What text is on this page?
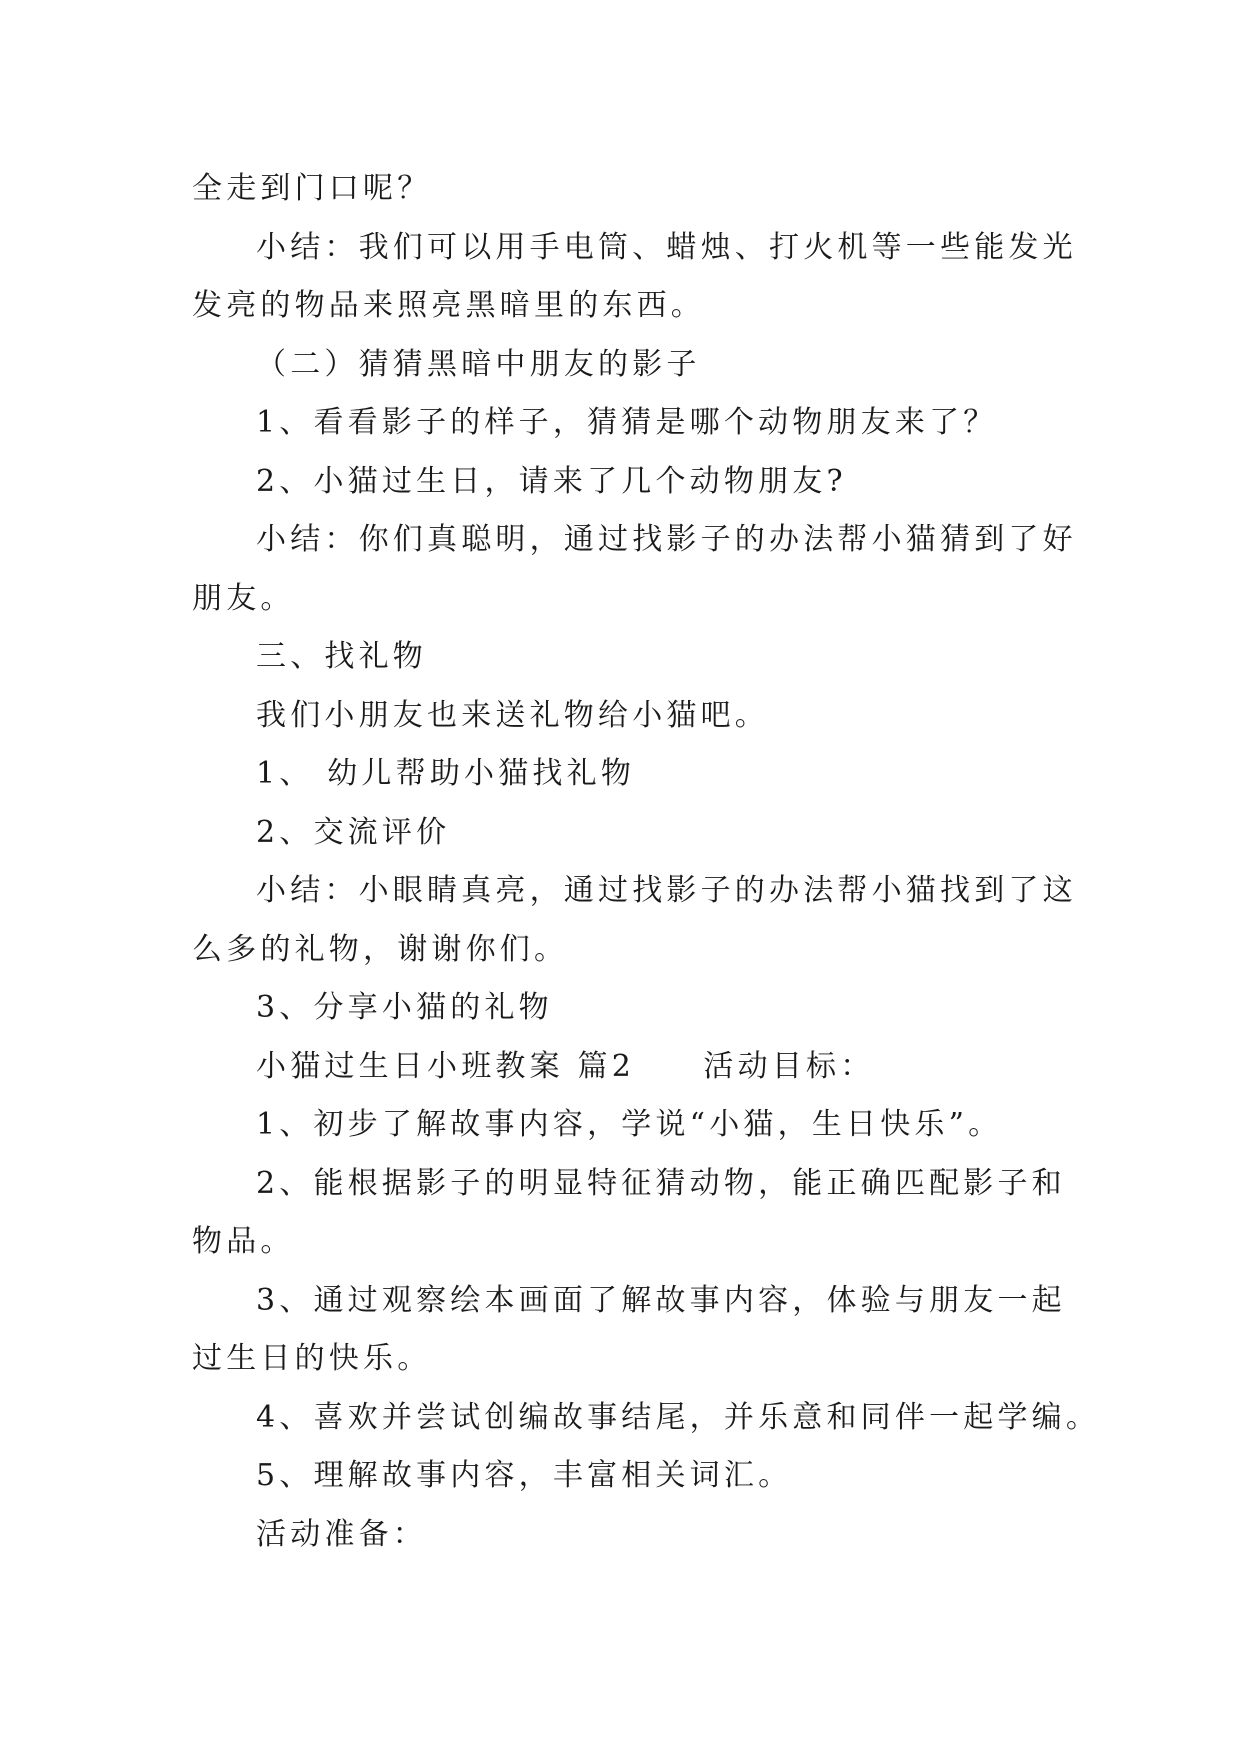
全走到门口呢？
小结：我们可以用手电筒、蜡烛、打火机等一些能发光
发亮的物品来照亮黑暗里的东西。
（二）猜猜黑暗中朋友的影子
1、看看影子的样子，猜猜是哪个动物朋友来了？
2、小猫过生日，请来了几个动物朋友?
小结：你们真聪明，通过找影子的办法帮小猫猜到了好
朋友。
三、找礼物
我们小朋友也来送礼物给小猫吧。
1、 幼儿帮助小猫找礼物
2、交流评价
小结：小眼睛真亮，通过找影子的办法帮小猫找到了这
么多的礼物，谢谢你们。
3、分享小猫的礼物
小猫过生日小班教案 篇2　　活动目标：
1、初步了解故事内容，学说“小猫，生日快乐”。
2、能根据影子的明显特征猜动物，能正确匹配影子和
物品。
3、通过观察绘本画面了解故事内容，体验与朋友一起
过生日的快乐。
4、喜欢并尝试创编故事结尾，并乐意和同伴一起学编。
5、理解故事内容，丰富相关词汇。
活动准备：
